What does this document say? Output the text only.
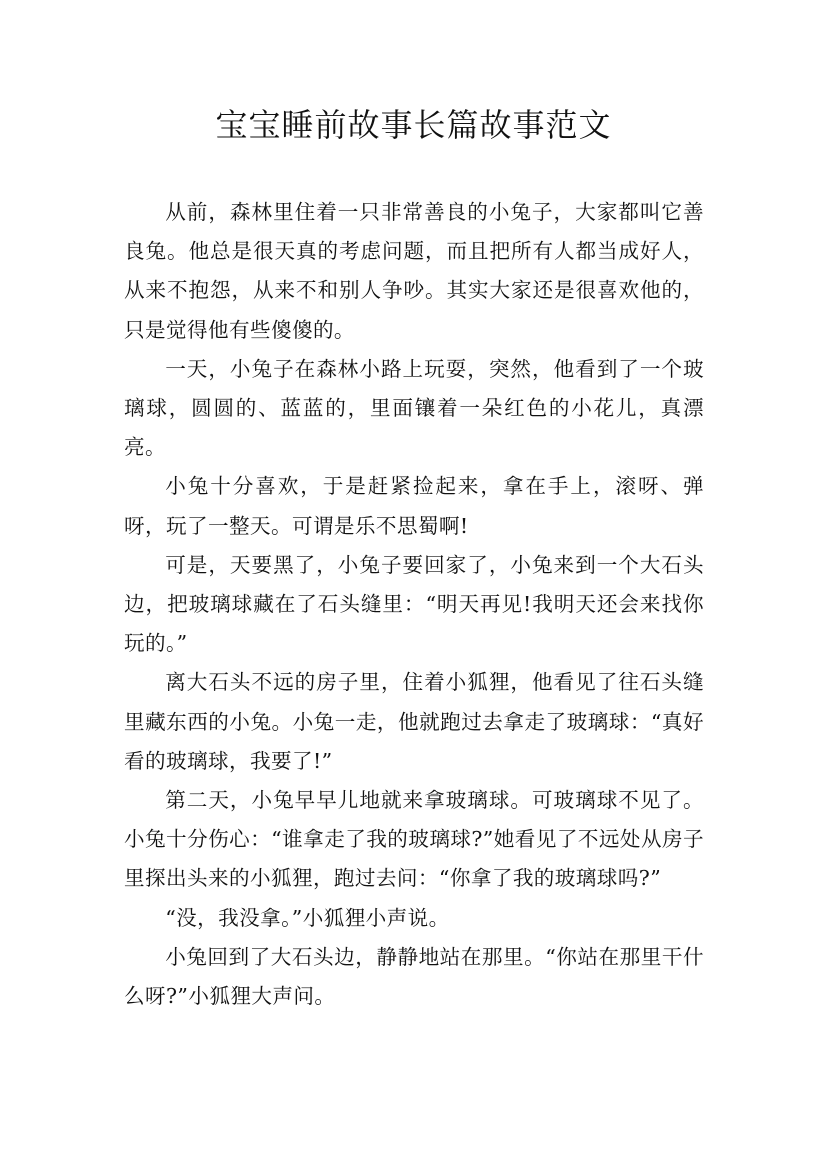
宝宝睡前故事长篇故事范文

从前，森林里住着一只非常善良的小兔子，大家都叫它善良兔。他总是很天真的考虑问题，而且把所有人都当成好人，从来不抱怨，从来不和别人争吵。其实大家还是很喜欢他的，只是觉得他有些傻傻的。

一天，小兔子在森林小路上玩耍，突然，他看到了一个玻璃球，圆圆的、蓝蓝的，里面镶着一朵红色的小花儿，真漂亮。

小兔十分喜欢，于是赶紧捡起来，拿在手上，滚呀、弹呀，玩了一整天。可谓是乐不思蜀啊!

可是，天要黑了，小兔子要回家了，小兔来到一个大石头边，把玻璃球藏在了石头缝里：“明天再见!我明天还会来找你玩的。”

离大石头不远的房子里，住着小狐狸，他看见了往石头缝里藏东西的小兔。小兔一走，他就跑过去拿走了玻璃球：“真好看的玻璃球，我要了!”

第二天，小兔早早儿地就来拿玻璃球。可玻璃球不见了。小兔十分伤心：“谁拿走了我的玻璃球?”她看见了不远处从房子里探出头来的小狐狸，跑过去问：“你拿了我的玻璃球吗?”

“没，我没拿。”小狐狸小声说。

小兔回到了大石头边，静静地站在那里。“你站在那里干什么呀?”小狐狸大声问。
